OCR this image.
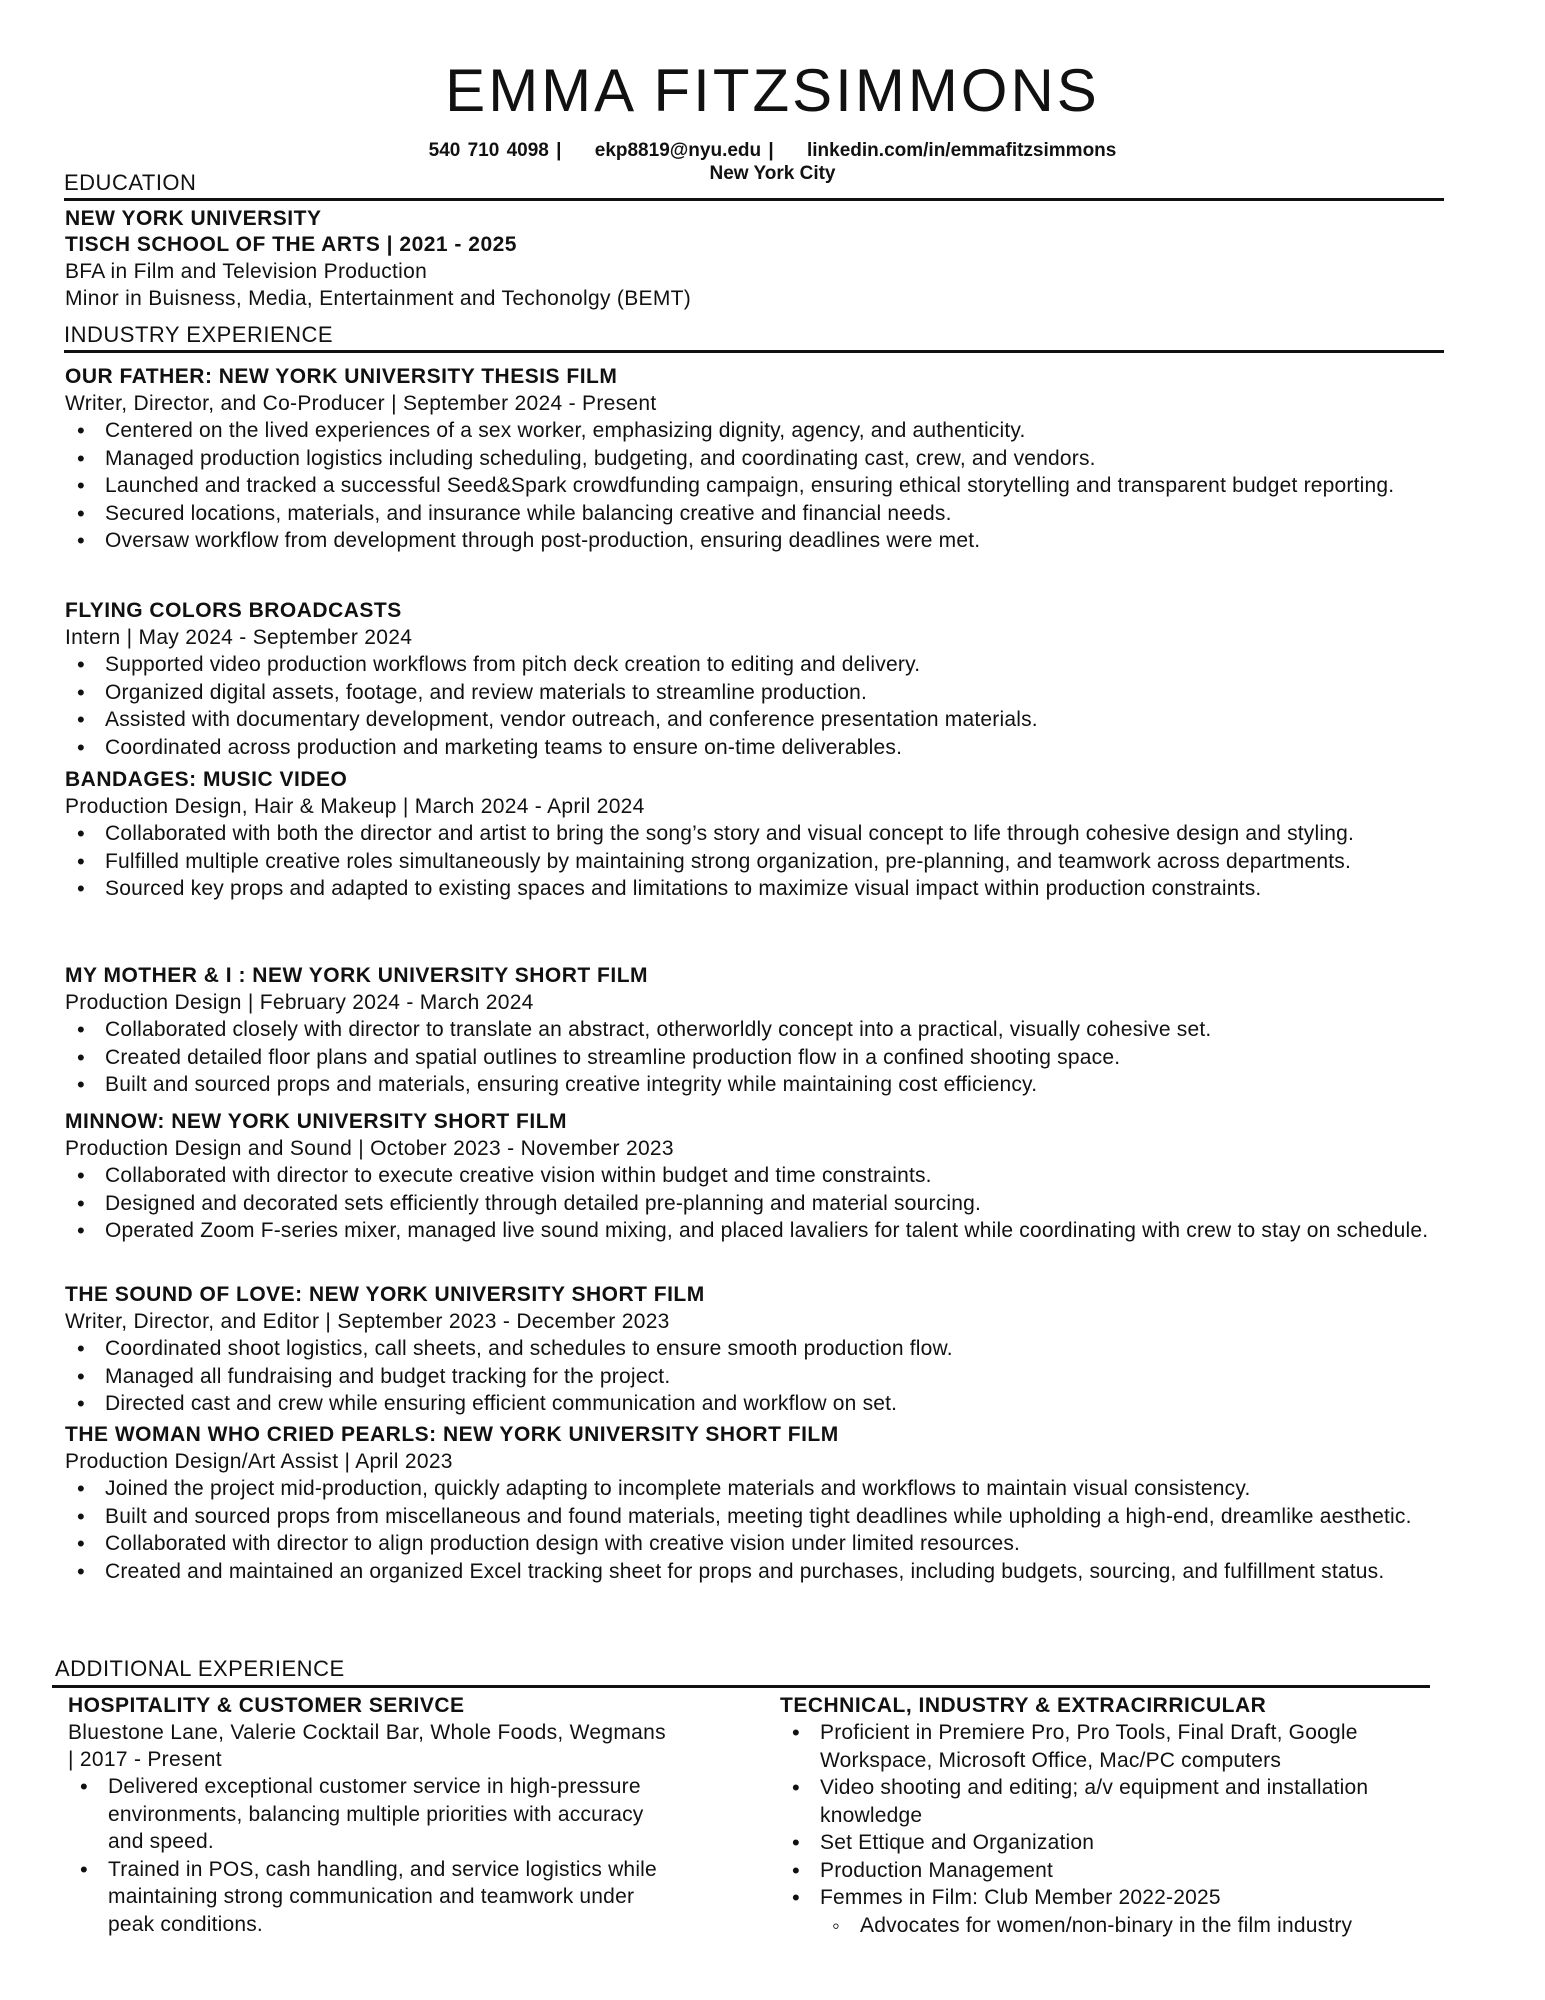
EMMA FITZSIMMONS
540 710 4098 | ekp8819@nyu.edu | linkedin.com/in/emmafitzsimmons
New York City
EDUCATION
NEW YORK UNIVERSITY
TISCH SCHOOL OF THE ARTS | 2021 - 2025
BFA in Film and Television Production
Minor in Buisness, Media, Entertainment and Techonolgy (BEMT)
INDUSTRY EXPERIENCE
OUR FATHER: NEW YORK UNIVERSITY THESIS FILM
Writer, Director, and Co-Producer | September 2024 - Present
• Centered on the lived experiences of a sex worker, emphasizing dignity, agency, and authenticity.
• Managed production logistics including scheduling, budgeting, and coordinating cast, crew, and vendors.
• Launched and tracked a successful Seed&Spark crowdfunding campaign, ensuring ethical storytelling and transparent budget reporting.
• Secured locations, materials, and insurance while balancing creative and financial needs.
• Oversaw workflow from development through post-production, ensuring deadlines were met.
FLYING COLORS BROADCASTS
Intern | May 2024 - September 2024
• Supported video production workflows from pitch deck creation to editing and delivery.
• Organized digital assets, footage, and review materials to streamline production.
• Assisted with documentary development, vendor outreach, and conference presentation materials.
• Coordinated across production and marketing teams to ensure on-time deliverables.
BANDAGES: MUSIC VIDEO
Production Design, Hair & Makeup | March 2024 - April 2024
• Collaborated with both the director and artist to bring the song’s story and visual concept to life through cohesive design and styling.
• Fulfilled multiple creative roles simultaneously by maintaining strong organization, pre-planning, and teamwork across departments.
• Sourced key props and adapted to existing spaces and limitations to maximize visual impact within production constraints.
MY MOTHER & I : NEW YORK UNIVERSITY SHORT FILM
Production Design | February 2024 - March 2024
• Collaborated closely with director to translate an abstract, otherworldly concept into a practical, visually cohesive set.
• Created detailed floor plans and spatial outlines to streamline production flow in a confined shooting space.
• Built and sourced props and materials, ensuring creative integrity while maintaining cost efficiency.
MINNOW: NEW YORK UNIVERSITY SHORT FILM
Production Design and Sound | October 2023 - November 2023
• Collaborated with director to execute creative vision within budget and time constraints.
• Designed and decorated sets efficiently through detailed pre-planning and material sourcing.
• Operated Zoom F-series mixer, managed live sound mixing, and placed lavaliers for talent while coordinating with crew to stay on schedule.
THE SOUND OF LOVE: NEW YORK UNIVERSITY SHORT FILM
Writer, Director, and Editor | September 2023 - December 2023
• Coordinated shoot logistics, call sheets, and schedules to ensure smooth production flow.
• Managed all fundraising and budget tracking for the project.
• Directed cast and crew while ensuring efficient communication and workflow on set.
THE WOMAN WHO CRIED PEARLS: NEW YORK UNIVERSITY SHORT FILM
Production Design/Art Assist | April 2023
• Joined the project mid-production, quickly adapting to incomplete materials and workflows to maintain visual consistency.
• Built and sourced props from miscellaneous and found materials, meeting tight deadlines while upholding a high-end, dreamlike aesthetic.
• Collaborated with director to align production design with creative vision under limited resources.
• Created and maintained an organized Excel tracking sheet for props and purchases, including budgets, sourcing, and fulfillment status.
ADDITIONAL EXPERIENCE
HOSPITALITY & CUSTOMER SERIVCE
Bluestone Lane, Valerie Cocktail Bar, Whole Foods, Wegmans | 2017 - Present
• Delivered exceptional customer service in high-pressure environments, balancing multiple priorities with accuracy and speed.
• Trained in POS, cash handling, and service logistics while maintaining strong communication and teamwork under peak conditions.
TECHNICAL, INDUSTRY & EXTRACIRRICULAR
• Proficient in Premiere Pro, Pro Tools, Final Draft, Google Workspace, Microsoft Office, Mac/PC computers
• Video shooting and editing; a/v equipment and installation knowledge
• Set Ettique and Organization
• Production Management
• Femmes in Film: Club Member 2022-2025
◦ Advocates for women/non-binary in the film industry
